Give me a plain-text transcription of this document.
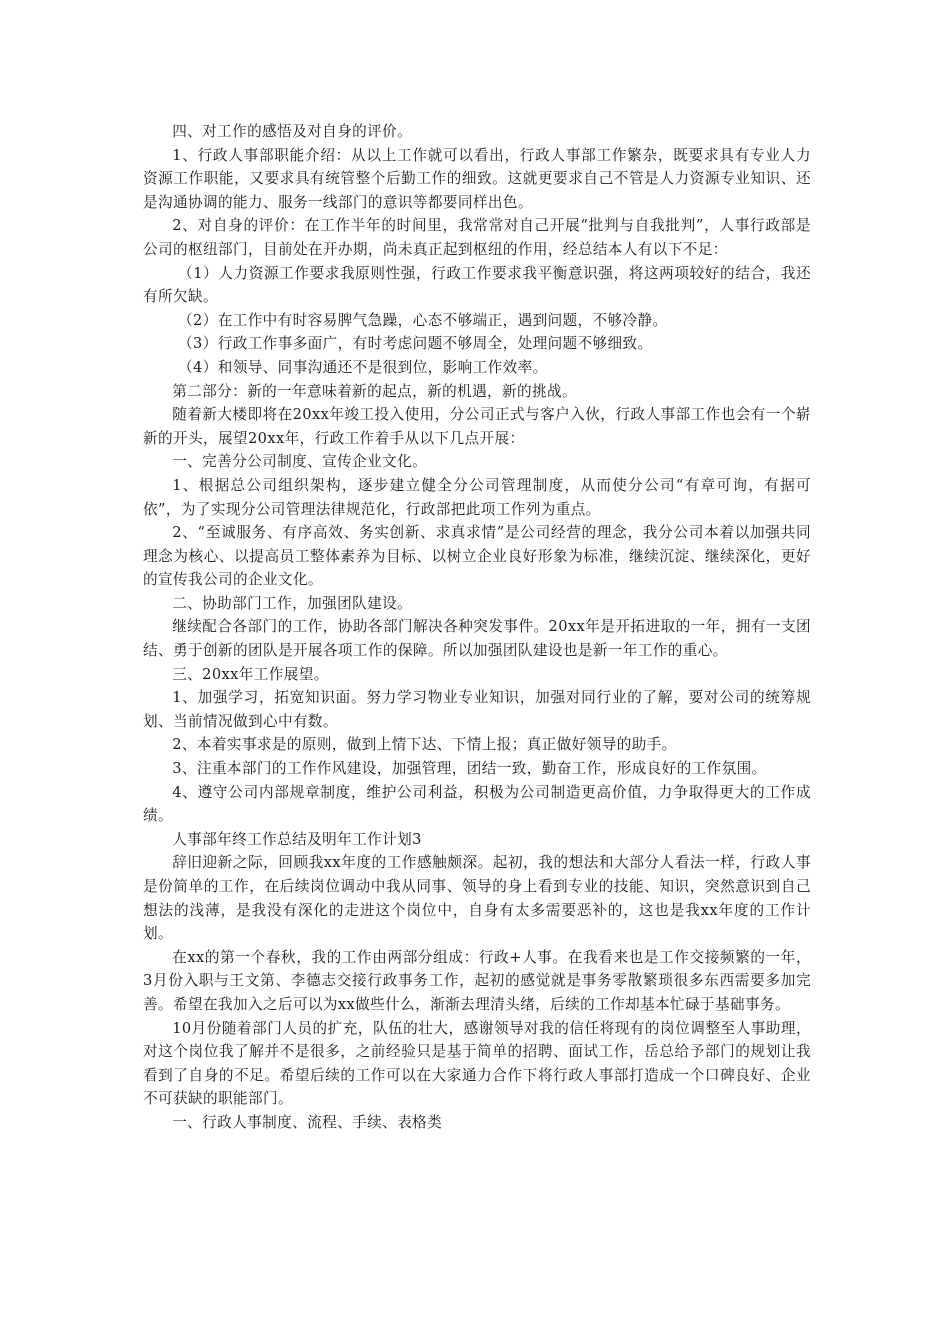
四、对工作的感悟及对自身的评价。

1、行政人事部职能介绍：从以上工作就可以看出，行政人事部工作繁杂，既要求具有专业人力资源工作职能，又要求具有统管整个后勤工作的细致。这就更要求自己不管是人力资源专业知识、还是沟通协调的能力、服务一线部门的意识等都要同样出色。

2、对自身的评价：在工作半年的时间里，我常常对自己开展“批判与自我批判”，人事行政部是公司的枢纽部门，目前处在开办期，尚未真正起到枢纽的作用，经总结本人有以下不足：

（1）人力资源工作要求我原则性强，行政工作要求我平衡意识强，将这两项较好的结合，我还有所欠缺。

（2）在工作中有时容易脾气急躁，心态不够端正，遇到问题，不够冷静。

（3）行政工作事多面广，有时考虑问题不够周全，处理问题不够细致。

（4）和领导、同事沟通还不是很到位，影响工作效率。

第二部分：新的一年意味着新的起点，新的机遇，新的挑战。

随着新大楼即将在20xx年竣工投入使用，分公司正式与客户入伙，行政人事部工作也会有一个崭新的开头，展望20xx年，行政工作着手从以下几点开展：

一、完善分公司制度、宣传企业文化。

1、根据总公司组织架构，逐步建立健全分公司管理制度，从而使分公司“有章可询，有据可依”，为了实现分公司管理法律规范化，行政部把此项工作列为重点。

2、“至诚服务、有序高效、务实创新、求真求情”是公司经营的理念，我分公司本着以加强共同理念为核心、以提高员工整体素养为目标、以树立企业良好形象为标准，继续沉淀、继续深化，更好的宣传我公司的企业文化。

二、协助部门工作，加强团队建设。

继续配合各部门的工作，协助各部门解决各种突发事件。20xx年是开拓进取的一年，拥有一支团结、勇于创新的团队是开展各项工作的保障。所以加强团队建设也是新一年工作的重心。

三、20xx年工作展望。

1、加强学习，拓宽知识面。努力学习物业专业知识，加强对同行业的了解，要对公司的统筹规划、当前情况做到心中有数。

2、本着实事求是的原则，做到上情下达、下情上报；真正做好领导的助手。

3、注重本部门的工作作风建设，加强管理，团结一致，勤奋工作，形成良好的工作氛围。

4、遵守公司内部规章制度，维护公司利益，积极为公司制造更高价值，力争取得更大的工作成绩。

人事部年终工作总结及明年工作计划3

辞旧迎新之际，回顾我xx年度的工作感触颇深。起初，我的想法和大部分人看法一样，行政人事是份简单的工作，在后续岗位调动中我从同事、领导的身上看到专业的技能、知识，突然意识到自己想法的浅薄，是我没有深化的走进这个岗位中，自身有太多需要恶补的，这也是我xx年度的工作计划。

在xx的第一个春秋，我的工作由两部分组成：行政+人事。在我看来也是工作交接频繁的一年，3月份入职与王文第、李德志交接行政事务工作，起初的感觉就是事务零散繁琐很多东西需要多加完善。希望在我加入之后可以为xx做些什么，渐渐去理清头绪，后续的工作却基本忙碌于基础事务。

10月份随着部门人员的扩充，队伍的壮大，感谢领导对我的信任将现有的岗位调整至人事助理，对这个岗位我了解并不是很多，之前经验只是基于简单的招聘、面试工作，岳总给予部门的规划让我看到了自身的不足。希望后续的工作可以在大家通力合作下将行政人事部打造成一个口碑良好、企业不可获缺的职能部门。

一、行政人事制度、流程、手续、表格类
